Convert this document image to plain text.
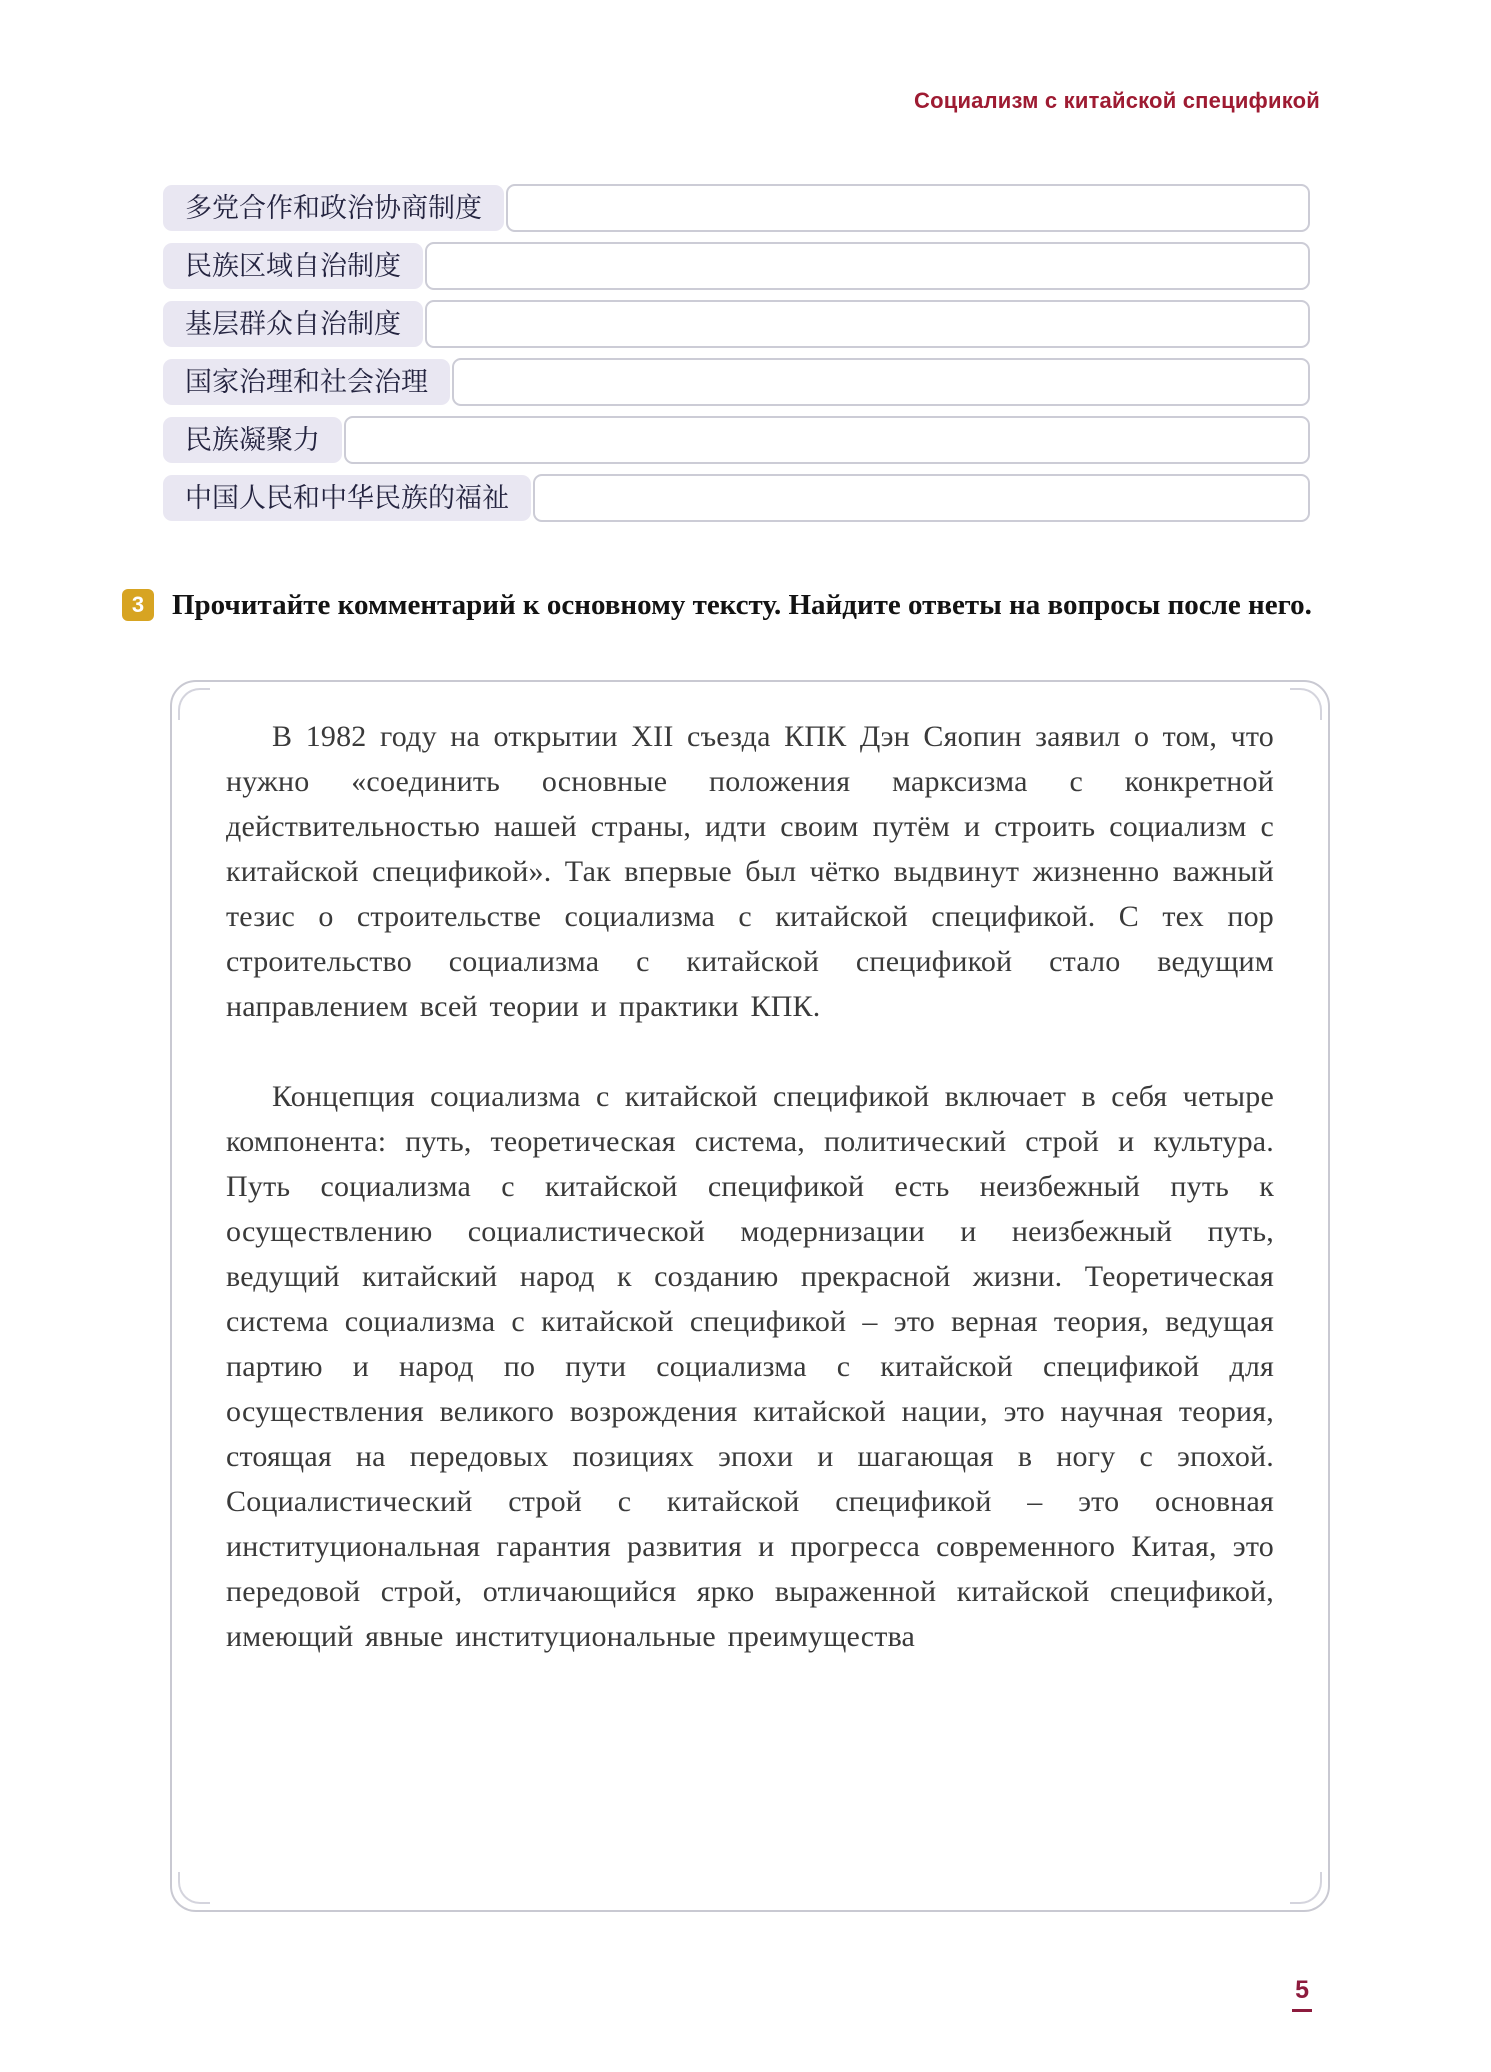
Социализм с китайской спецификой
多党合作和政治协商制度
民族区域自治制度
基层群众自治制度
国家治理和社会治理
民族凝聚力
中国人民和中华民族的福祉
3 Прочитайте комментарий к основному тексту. Найдите ответы на вопросы после него.

В 1982 году на открытии XII съезда КПК Дэн Сяопин заявил о том, что нужно «соединить основные положения марксизма с конкретной действительностью нашей страны, идти своим путём и строить социализм с китайской спецификой». Так впервые был чётко выдвинут жизненно важный тезис о строительстве социализма с китайской спецификой. С тех пор строительство социализма с китайской спецификой стало ведущим направлением всей теории и практики КПК.

Концепция социализма с китайской спецификой включает в себя четыре компонента: путь, теоретическая система, политический строй и культура. Путь социализма с китайской спецификой есть неизбежный путь к осуществлению социалистической модернизации и неизбежный путь, ведущий китайский народ к созданию прекрасной жизни. Теоретическая система социализма с китайской спецификой – это верная теория, ведущая партию и народ по пути социализма с китайской спецификой для осуществления великого возрождения китайской нации, это научная теория, стоящая на передовых позициях эпохи и шагающая в ногу с эпохой. Социалистический строй с китайской спецификой – это основная институциональная гарантия развития и прогресса современного Китая, это передовой строй, отличающийся ярко выраженной китайской спецификой, имеющий явные институциональные преимущества

5
